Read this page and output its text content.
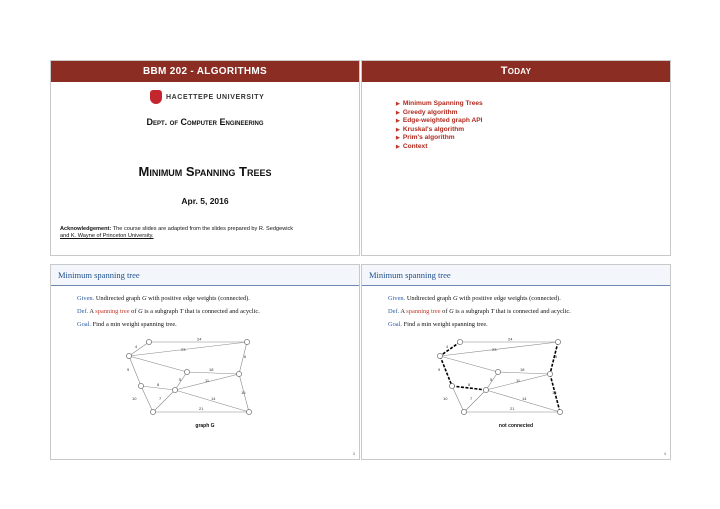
BBM 202 - ALGORITHMS
HACETTEPE UNIVERSITY
Dept. of Computer Engineering
Minimum Spanning Trees
Apr. 5, 2016
Acknowledgement: The course slides are adapted from the slides prepared by R. Sedgewick
and K. Wayne of Princeton University.
Today
▶ Minimum Spanning Trees
▶ Greedy algorithm
▶ Edge-weighted graph API
▶ Kruskal's algorithm
▶ Prim's algorithm
▶ Context
Minimum spanning tree
Given. Undirected graph G with positive edge weights (connected).
Def. A spanning tree of G is a subgraph T that is connected and acyclic.
Goal. Find a min weight spanning tree.
24
4
23
6
9	18
5	11
16
8
7
10	14
21
graph G
3
Minimum spanning tree
Given. Undirected graph G with positive edge weights (connected).
Def. A spanning tree of G is a subgraph T that is connected and acyclic.
Goal. Find a min weight spanning tree.
24
4
23
6
9	18
5	11
16
8
7
10	14
21
not connected
4
